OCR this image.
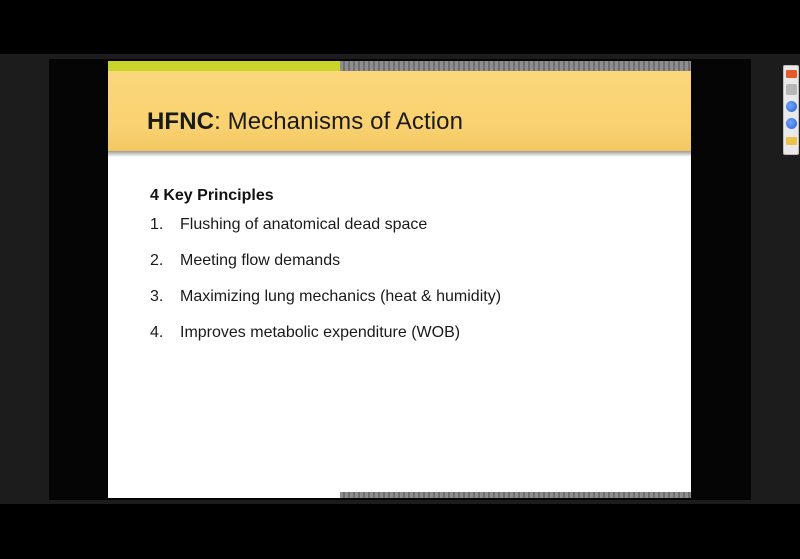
HFNC: Mechanisms of Action
4 Key Principles
1.	Flushing of anatomical dead space
2.	Meeting flow demands
3.	Maximizing lung mechanics (heat & humidity)
4.	Improves metabolic expenditure (WOB)
